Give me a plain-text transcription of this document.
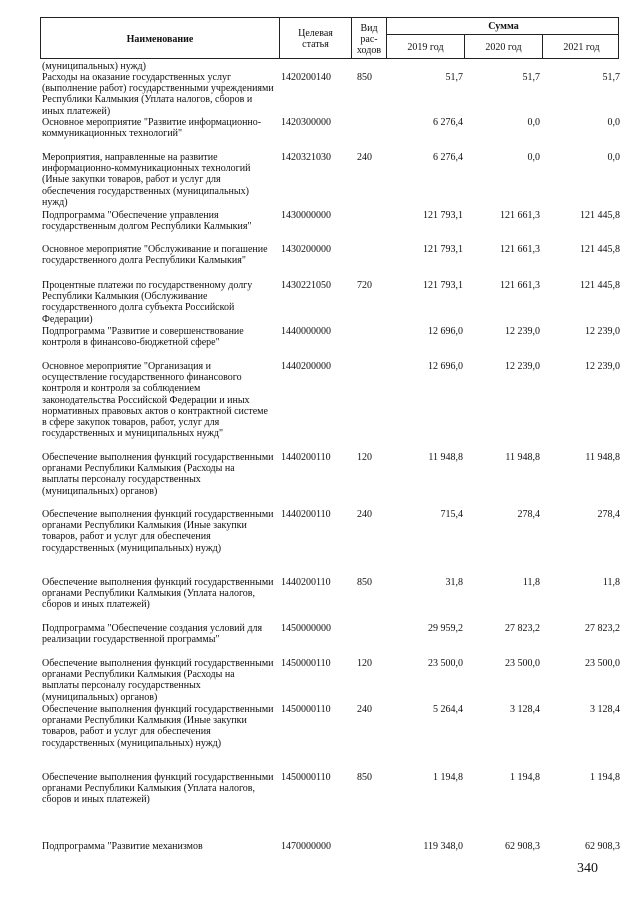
Наименование	Целевая статья
Вид рас-ходов
Сумма
2019 год	2020 год	2021 год
(муниципальных) нужд)
Расходы на оказание государственных услуг (выполнение работ) государственными учреждениями Республики Калмыкия (Уплата налогов, сборов и иных платежей)
1420200140	850	51,7	51,7	51,7
Основное мероприятие "Развитие информационно-коммуникационных технологий"
1420300000	6 276,4	0,0	0,0
Мероприятия, направленные на развитие информационно-коммуникационных технологий (Иные закупки товаров, работ и услуг для обеспечения государственных (муниципальных) нужд)
1420321030	240	6 276,4	0,0	0,0
Подпрограмма "Обеспечение управления государственным долгом Республики Калмыкия"
1430000000	121 793,1	121 661,3	121 445,8
Основное мероприятие "Обслуживание и погашение государственного долга Республики Калмыкия"
1430200000	121 793,1	121 661,3	121 445,8
Процентные платежи по государственному долгу Республики Калмыкия (Обслуживание государственного долга субъекта Российской Федерации)
1430221050	720	121 793,1	121 661,3	121 445,8
Подпрограмма "Развитие и совершенствование контроля в финансово-бюджетной сфере"
1440000000	12 696,0	12 239,0	12 239,0
Основное мероприятие "Организация и осуществление государственного финансового контроля и контроля за соблюдением законодательства Российской Федерации и иных нормативных правовых актов о контрактной системе в сфере закупок товаров, работ, услуг для государственных и муниципальных нужд"
1440200000	12 696,0	12 239,0	12 239,0
Обеспечение выполнения функций государственными органами Республики Калмыкия (Расходы на выплаты персоналу государственных (муниципальных) органов)
1440200110	120	11 948,8	11 948,8	11 948,8
Обеспечение выполнения функций государственными органами Республики Калмыкия (Иные закупки товаров, работ и услуг для обеспечения государственных (муниципальных) нужд)
1440200110	240	715,4	278,4	278,4
Обеспечение выполнения функций государственными органами Республики Калмыкия (Уплата налогов, сборов и иных платежей)
1440200110	850	31,8	11,8	11,8
Подпрограмма "Обеспечение создания условий для реализации государственной программы"
1450000000	29 959,2	27 823,2	27 823,2
Обеспечение выполнения функций государственными органами Республики Калмыкия (Расходы на выплаты персоналу государственных (муниципальных) органов)
1450000110	120	23 500,0	23 500,0	23 500,0
Обеспечение выполнения функций государственными органами Республики Калмыкия (Иные закупки товаров, работ и услуг для обеспечения государственных (муниципальных) нужд)
1450000110	240	5 264,4	3 128,4	3 128,4
Обеспечение выполнения функций государственными органами Республики Калмыкия (Уплата налогов, сборов и иных платежей)
1450000110	850	1 194,8	1 194,8	1 194,8
Подпрограмма "Развитие механизмов	1470000000	119 348,0	62 908,3	62 908,3
340
